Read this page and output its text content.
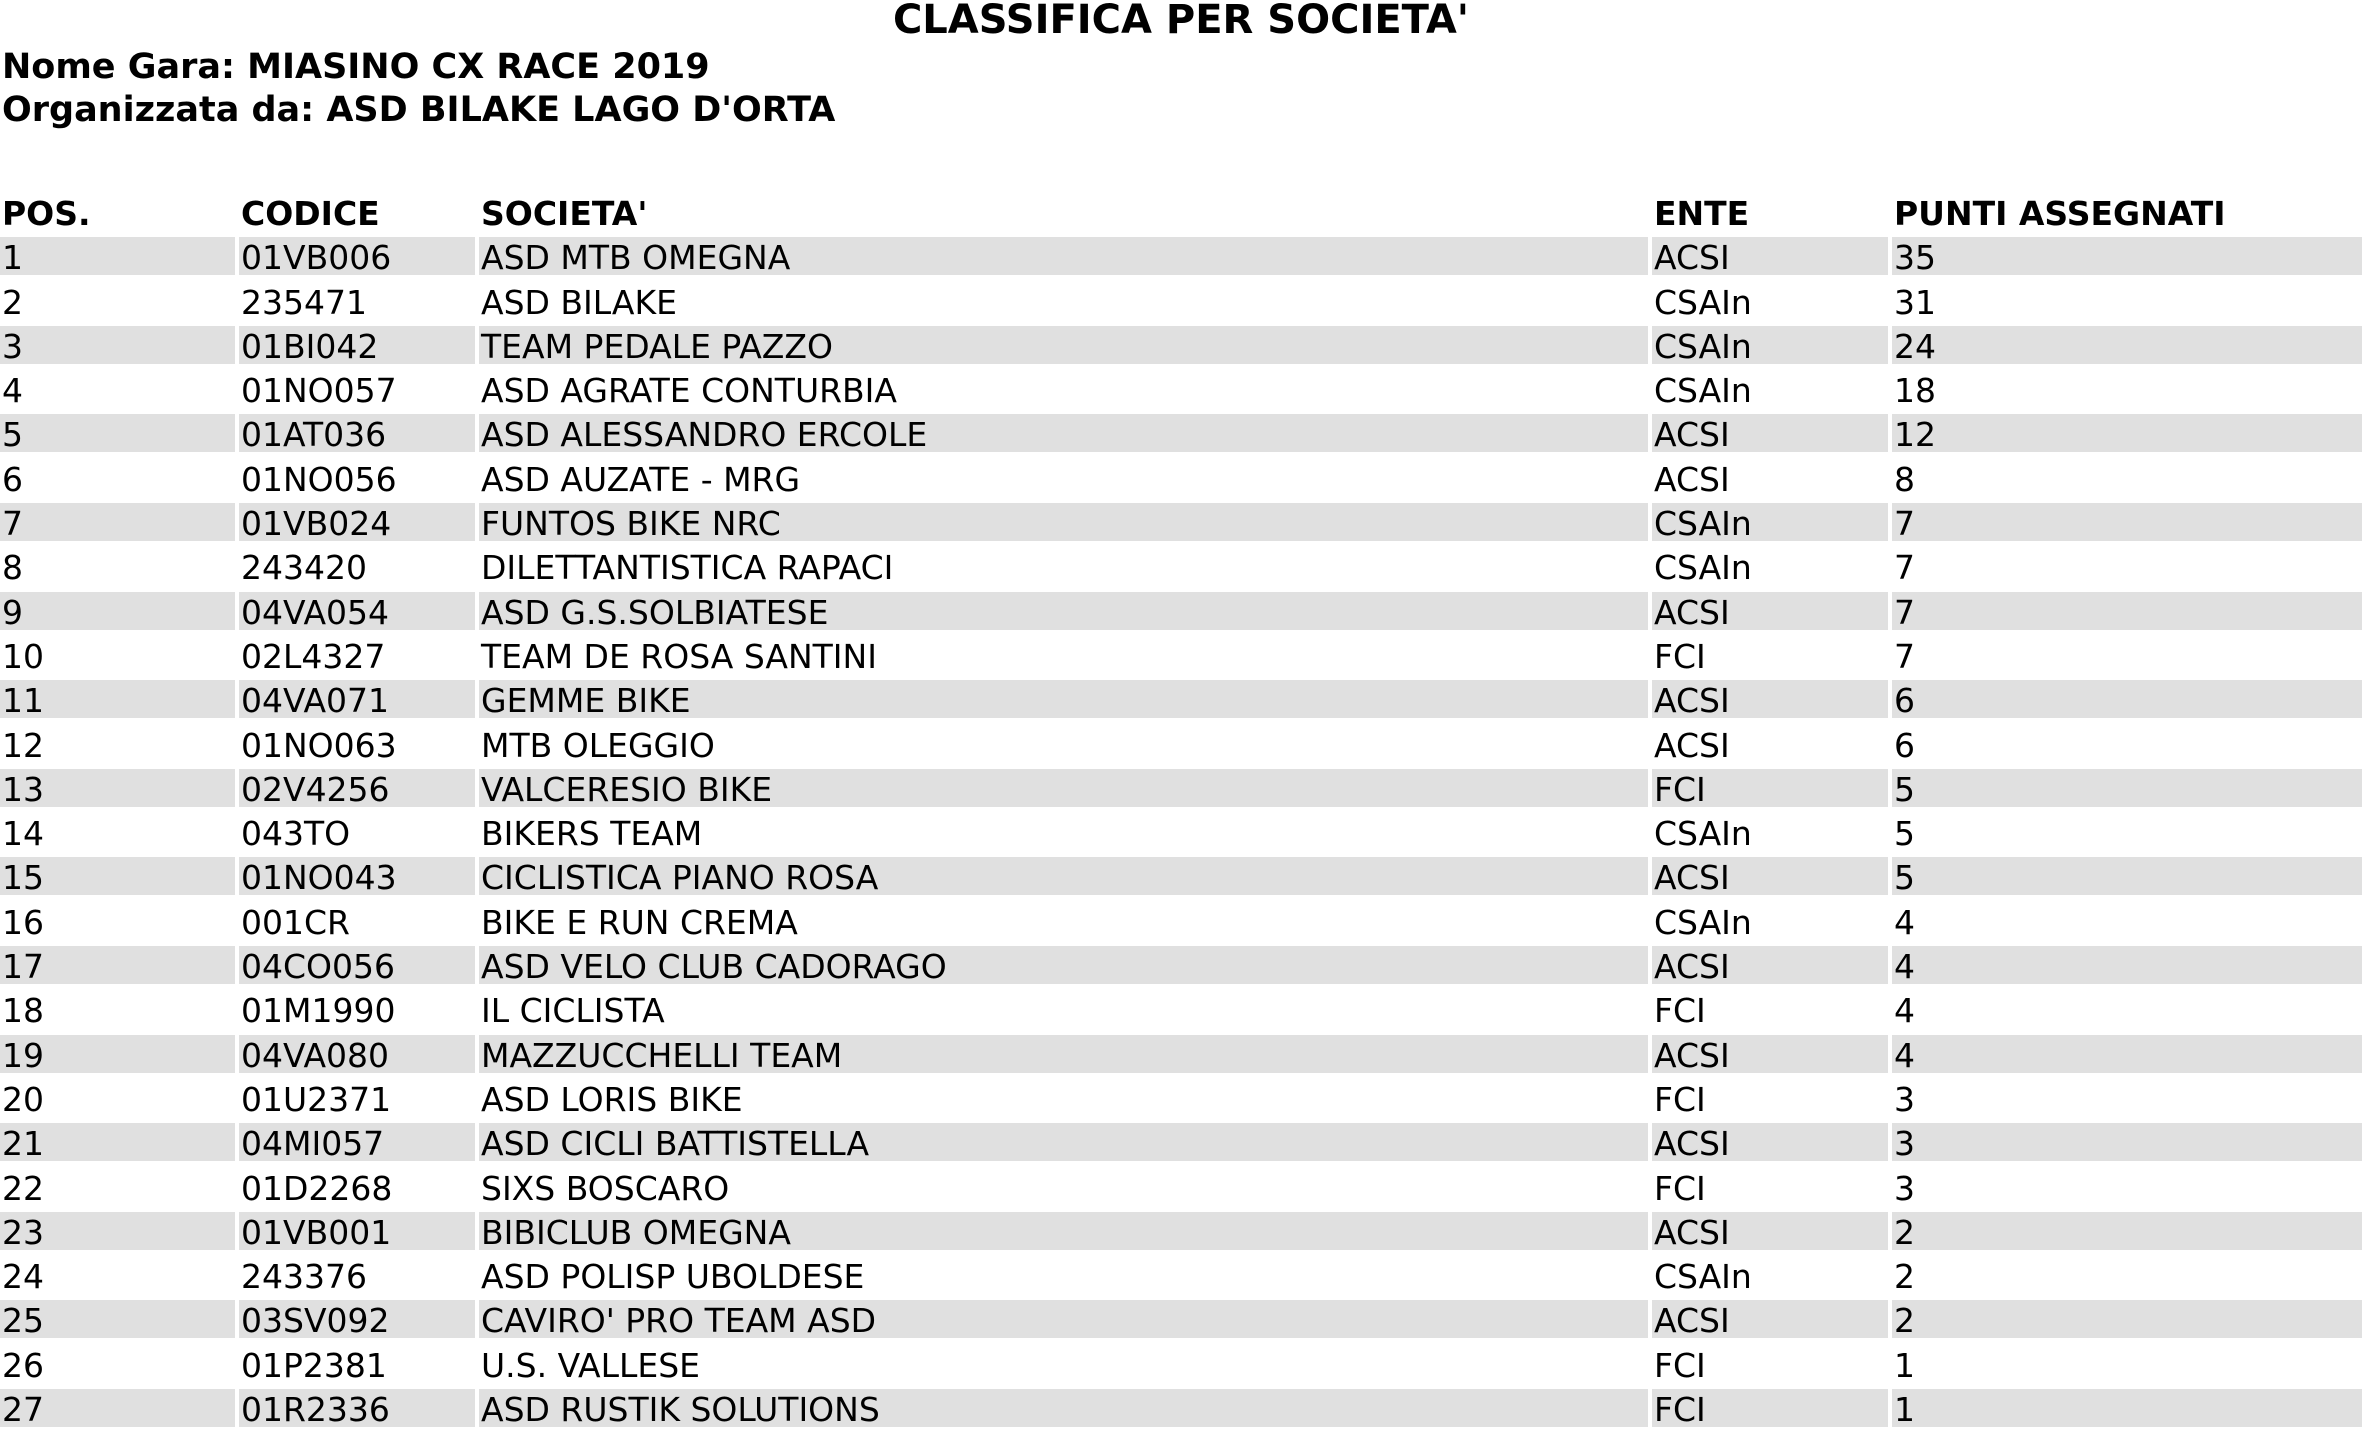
CLASSIFICA PER SOCIETA'
Nome Gara: MIASINO CX RACE 2019
Organizzata da: ASD BILAKE LAGO D'ORTA
POS.	CODICE	SOCIETA'	ENTE	PUNTI ASSEGNATI
1	01VB006	ASD MTB OMEGNA	ACSI	35
2	235471	ASD BILAKE	CSAIn	31
3	01BI042	TEAM PEDALE PAZZO	CSAIn	24
4	01NO057	ASD AGRATE CONTURBIA	CSAIn	18
5	01AT036	ASD ALESSANDRO ERCOLE	ACSI	12
6	01NO056	ASD AUZATE - MRG	ACSI	8
7	01VB024	FUNTOS BIKE NRC	CSAIn	7
8	243420	DILETTANTISTICA RAPACI	CSAIn	7
9	04VA054	ASD G.S.SOLBIATESE	ACSI	7
10	02L4327	TEAM DE ROSA SANTINI	FCI	7
11	04VA071	GEMME BIKE	ACSI	6
12	01NO063	MTB OLEGGIO	ACSI	6
13	02V4256	VALCERESIO BIKE	FCI	5
14	043TO	BIKERS TEAM	CSAIn	5
15	01NO043	CICLISTICA PIANO ROSA	ACSI	5
16	001CR	BIKE E RUN CREMA	CSAIn	4
17	04CO056	ASD VELO CLUB CADORAGO	ACSI	4
18	01M1990	IL CICLISTA	FCI	4
19	04VA080	MAZZUCCHELLI TEAM	ACSI	4
20	01U2371	ASD LORIS BIKE	FCI	3
21	04MI057	ASD CICLI BATTISTELLA	ACSI	3
22	01D2268	SIXS BOSCARO	FCI	3
23	01VB001	BIBICLUB OMEGNA	ACSI	2
24	243376	ASD POLISP UBOLDESE	CSAIn	2
25	03SV092	CAVIRO' PRO TEAM ASD	ACSI	2
26	01P2381	U.S. VALLESE	FCI	1
27	01R2336	ASD RUSTIK SOLUTIONS	FCI	1
